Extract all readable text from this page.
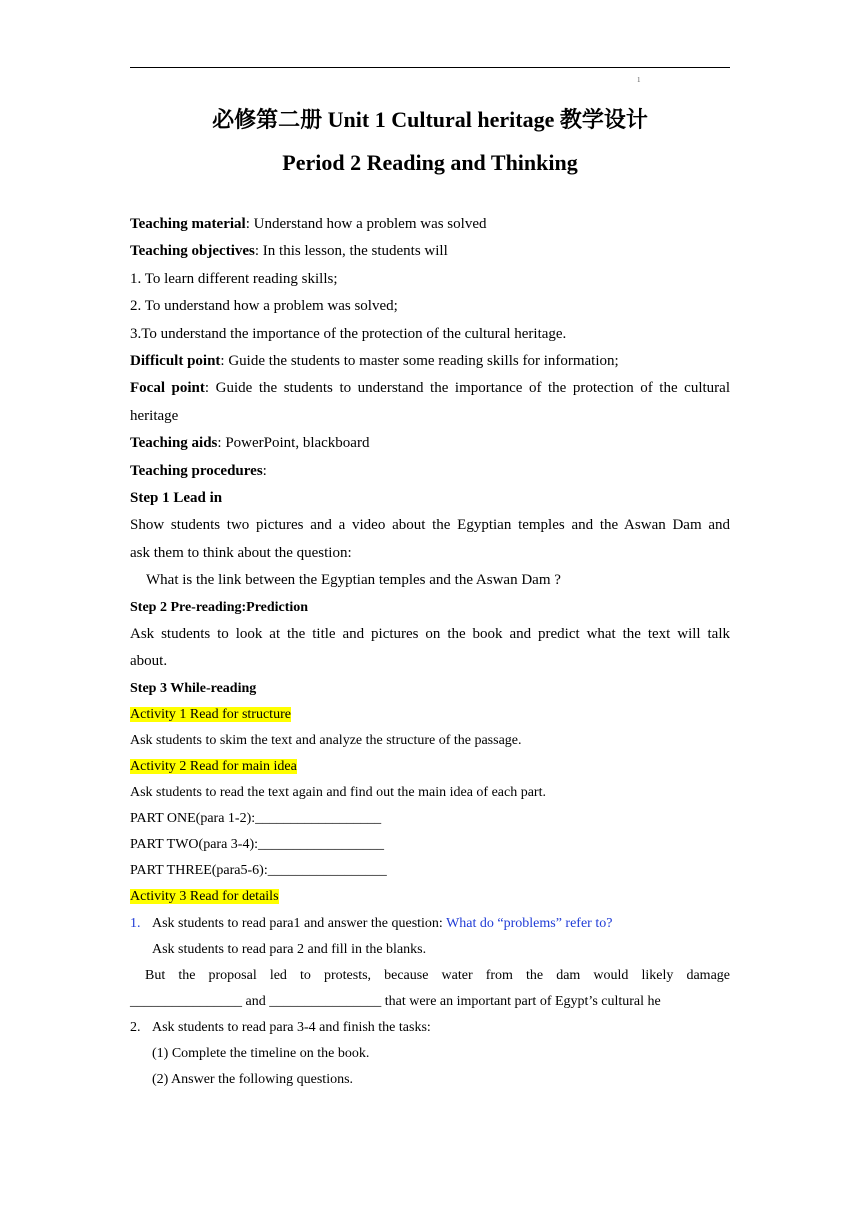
1
必修第二册 Unit 1 Cultural heritage 教学设计
Period 2 Reading and Thinking
Teaching material: Understand how a problem was solved
Teaching objectives: In this lesson, the students will
1. To learn different reading skills;
2. To understand how a problem was solved;
3.To understand the importance of the protection of the cultural heritage.
Difficult point: Guide the students to master some reading skills for information;
Focal point: Guide the students to understand the importance of the protection of the cultural
heritage
Teaching aids: PowerPoint, blackboard
Teaching procedures:
Step 1 Lead in
Show students two pictures and a video about the Egyptian temples and the Aswan Dam and
ask them to think about the question:
What is the link between the Egyptian temples and the Aswan Dam ?
Step 2 Pre-reading:Prediction
Ask students to look at the title and pictures on the book and predict what the text will talk
about.
Step 3 While-reading
Activity 1 Read for structure
Ask students to skim the text and analyze the structure of the passage.
Activity 2 Read for main idea
Ask students to read the text again and find out the main idea of each part.
PART ONE(para 1-2):__________________
PART TWO(para 3-4):__________________
PART THREE(para5-6):_________________
Activity 3 Read for details
1. Ask students to read para1 and answer the question: What do “problems” refer to?
Ask students to read para 2 and fill in the blanks.
But the proposal led to protests, because water from the dam would likely damage
________________ and ________________ that were an important part of Egypt’s cultural he
2. Ask students to read para 3-4 and finish the tasks:
(1) Complete the timeline on the book.
(2) Answer the following questions.
